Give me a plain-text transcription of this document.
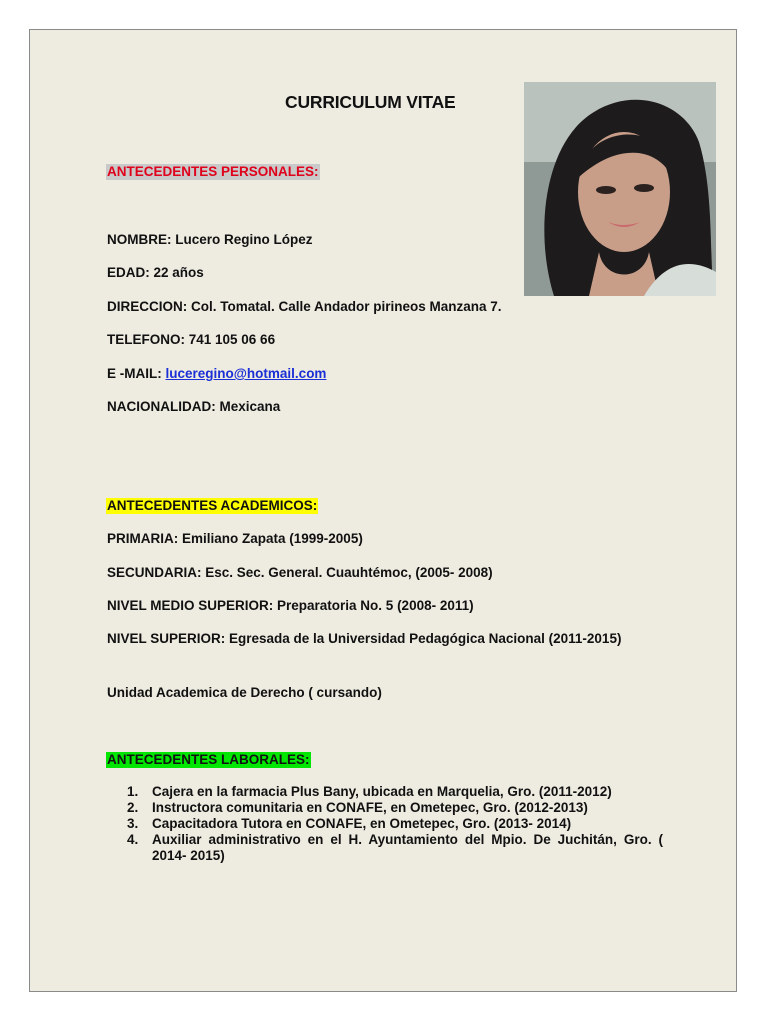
CURRICULUM VITAE
ANTECEDENTES PERSONALES:
NOMBRE: Lucero Regino López
EDAD: 22 años
DIRECCION: Col. Tomatal. Calle Andador pirineos Manzana 7.
TELEFONO: 741 105 06 66
E -MAIL: luceregino@hotmail.com
NACIONALIDAD: Mexicana
ANTECEDENTES ACADEMICOS:
PRIMARIA: Emiliano Zapata (1999-2005)
SECUNDARIA: Esc. Sec. General. Cuauhtémoc, (2005- 2008)
NIVEL MEDIO SUPERIOR: Preparatoria No. 5 (2008- 2011)
NIVEL SUPERIOR: Egresada de la Universidad Pedagógica Nacional (2011-2015)
Unidad Academica de Derecho ( cursando)
ANTECEDENTES LABORALES:
1. Cajera en la farmacia Plus Bany, ubicada en Marquelia, Gro. (2011-2012)
2. Instructora comunitaria en CONAFE, en Ometepec, Gro. (2012-2013)
3. Capacitadora Tutora en CONAFE, en Ometepec, Gro. (2013- 2014)
4. Auxiliar administrativo en el H. Ayuntamiento del Mpio. De Juchitán, Gro. ( 2014- 2015)
